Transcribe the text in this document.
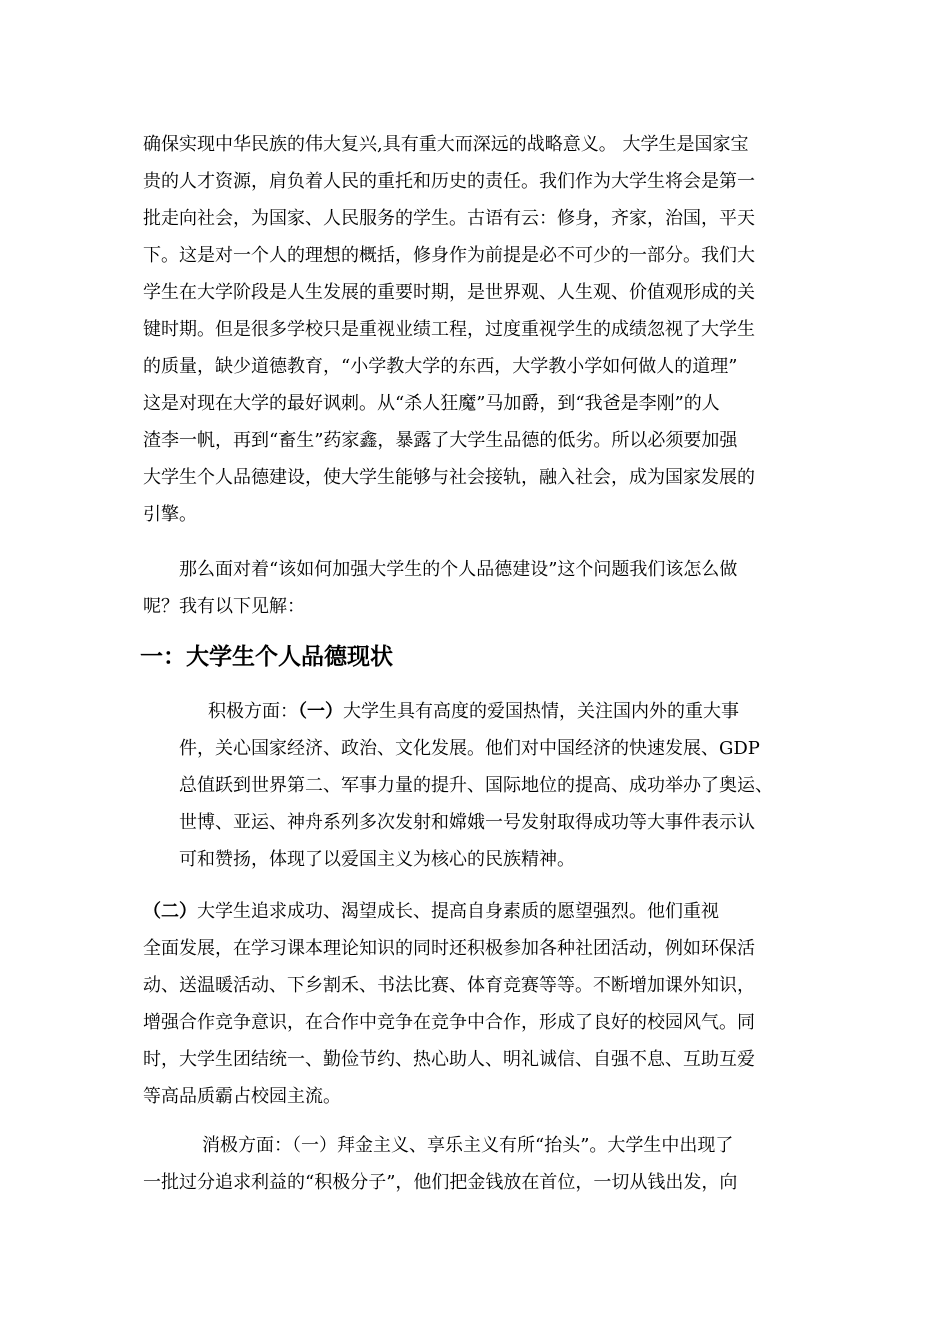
确保实现中华民族的伟大复兴,具有重大而深远的战略意义。 大学生是国家宝

贵的人才资源，肩负着人民的重托和历史的责任。我们作为大学生将会是第一

批走向社会，为国家、人民服务的学生。古语有云：修身，齐家，治国，平天

下。这是对一个人的理想的概括，修身作为前提是必不可少的一部分。我们大

学生在大学阶段是人生发展的重要时期，是世界观、人生观、价值观形成的关

键时期。但是很多学校只是重视业绩工程，过度重视学生的成绩忽视了大学生

的质量，缺少道德教育，“小学教大学的东西，大学教小学如何做人的道理”

这是对现在大学的最好讽刺。从“杀人狂魔”马加爵，到“我爸是李刚”的人

渣李一帆，再到“畜生”药家鑫，暴露了大学生品德的低劣。所以必须要加强

大学生个人品德建设，使大学生能够与社会接轨，融入社会，成为国家发展的

引擎。

那么面对着“该如何加强大学生的个人品德建设”这个问题我们该怎么做

呢？我有以下见解：

一：大学生个人品德现状

积极方面：（一）大学生具有高度的爱国热情，关注国内外的重大事

件，关心国家经济、政治、文化发展。他们对中国经济的快速发展、GDP

总值跃到世界第二、军事力量的提升、国际地位的提高、成功举办了奥运、

世博、亚运、神舟系列多次发射和嫦娥一号发射取得成功等大事件表示认

可和赞扬，体现了以爱国主义为核心的民族精神。

（二）大学生追求成功、渴望成长、提高自身素质的愿望强烈。他们重视

全面发展，在学习课本理论知识的同时还积极参加各种社团活动，例如环保活

动、送温暖活动、下乡割禾、书法比赛、体育竞赛等等。不断增加课外知识，

增强合作竞争意识，在合作中竞争在竞争中合作，形成了良好的校园风气。同

时，大学生团结统一、勤俭节约、热心助人、明礼诚信、自强不息、互助互爱

等高品质霸占校园主流。

消极方面：（一）拜金主义、享乐主义有所“抬头”。大学生中出现了

一批过分追求利益的“积极分子”，他们把金钱放在首位，一切从钱出发，向
